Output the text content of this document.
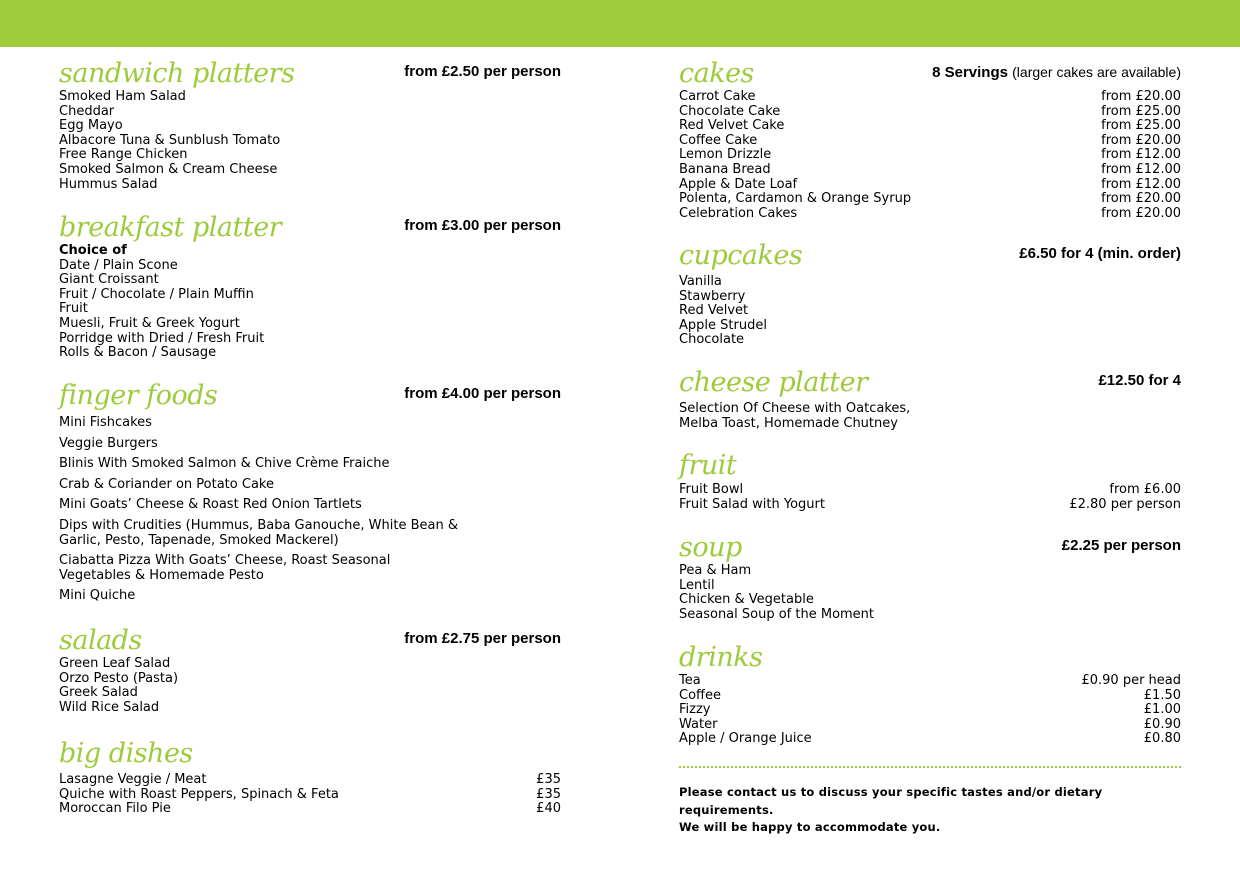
sandwich platters	from £2.50 per person
Smoked Ham Salad
Cheddar
Egg Mayo
Albacore Tuna & Sunblush Tomato
Free Range Chicken
Smoked Salmon & Cream Cheese
Hummus Salad
breakfast platter	from £3.00 per person
Choice of
Date / Plain Scone
Giant Croissant
Fruit / Chocolate / Plain Muffin
Fruit
Muesli, Fruit & Greek Yogurt
Porridge with Dried / Fresh Fruit
Rolls & Bacon / Sausage
finger foods	from £4.00 per person
Mini Fishcakes
Veggie Burgers
Blinis With Smoked Salmon & Chive Crème Fraiche
Crab & Coriander on Potato Cake
Mini Goats’ Cheese & Roast Red Onion Tartlets
Dips with Crudities (Hummus, Baba Ganouche, White Bean & Garlic, Pesto, Tapenade, Smoked Mackerel)
Ciabatta Pizza With Goats’ Cheese, Roast Seasonal Vegetables & Homemade Pesto
Mini Quiche
salads	from £2.75 per person
Green Leaf Salad
Orzo Pesto (Pasta)
Greek Salad
Wild Rice Salad
big dishes
Lasagne Veggie / Meat	£35
Quiche with Roast Peppers, Spinach & Feta	£35
Moroccan Filo Pie	£40
cakes	8 Servings (larger cakes are available)
Carrot Cake	from £20.00
Chocolate Cake	from £25.00
Red Velvet Cake	from £25.00
Coffee Cake	from £20.00
Lemon Drizzle	from £12.00
Banana Bread	from £12.00
Apple & Date Loaf	from £12.00
Polenta, Cardamon & Orange Syrup	from £20.00
Celebration Cakes	from £20.00
cupcakes	£6.50 for 4 (min. order)
Vanilla
Stawberry
Red Velvet
Apple Strudel
Chocolate
cheese platter	£12.50 for 4
Selection Of Cheese with Oatcakes,
Melba Toast, Homemade Chutney
fruit
Fruit Bowl	from £6.00
Fruit Salad with Yogurt	£2.80 per person
soup	£2.25 per person
Pea & Ham
Lentil
Chicken & Vegetable
Seasonal Soup of the Moment
drinks
Tea	£0.90 per head
Coffee	£1.50
Fizzy	£1.00
Water	£0.90
Apple / Orange Juice	£0.80
Please contact us to discuss your specific tastes and/or dietary requirements.
We will be happy to accommodate you.
